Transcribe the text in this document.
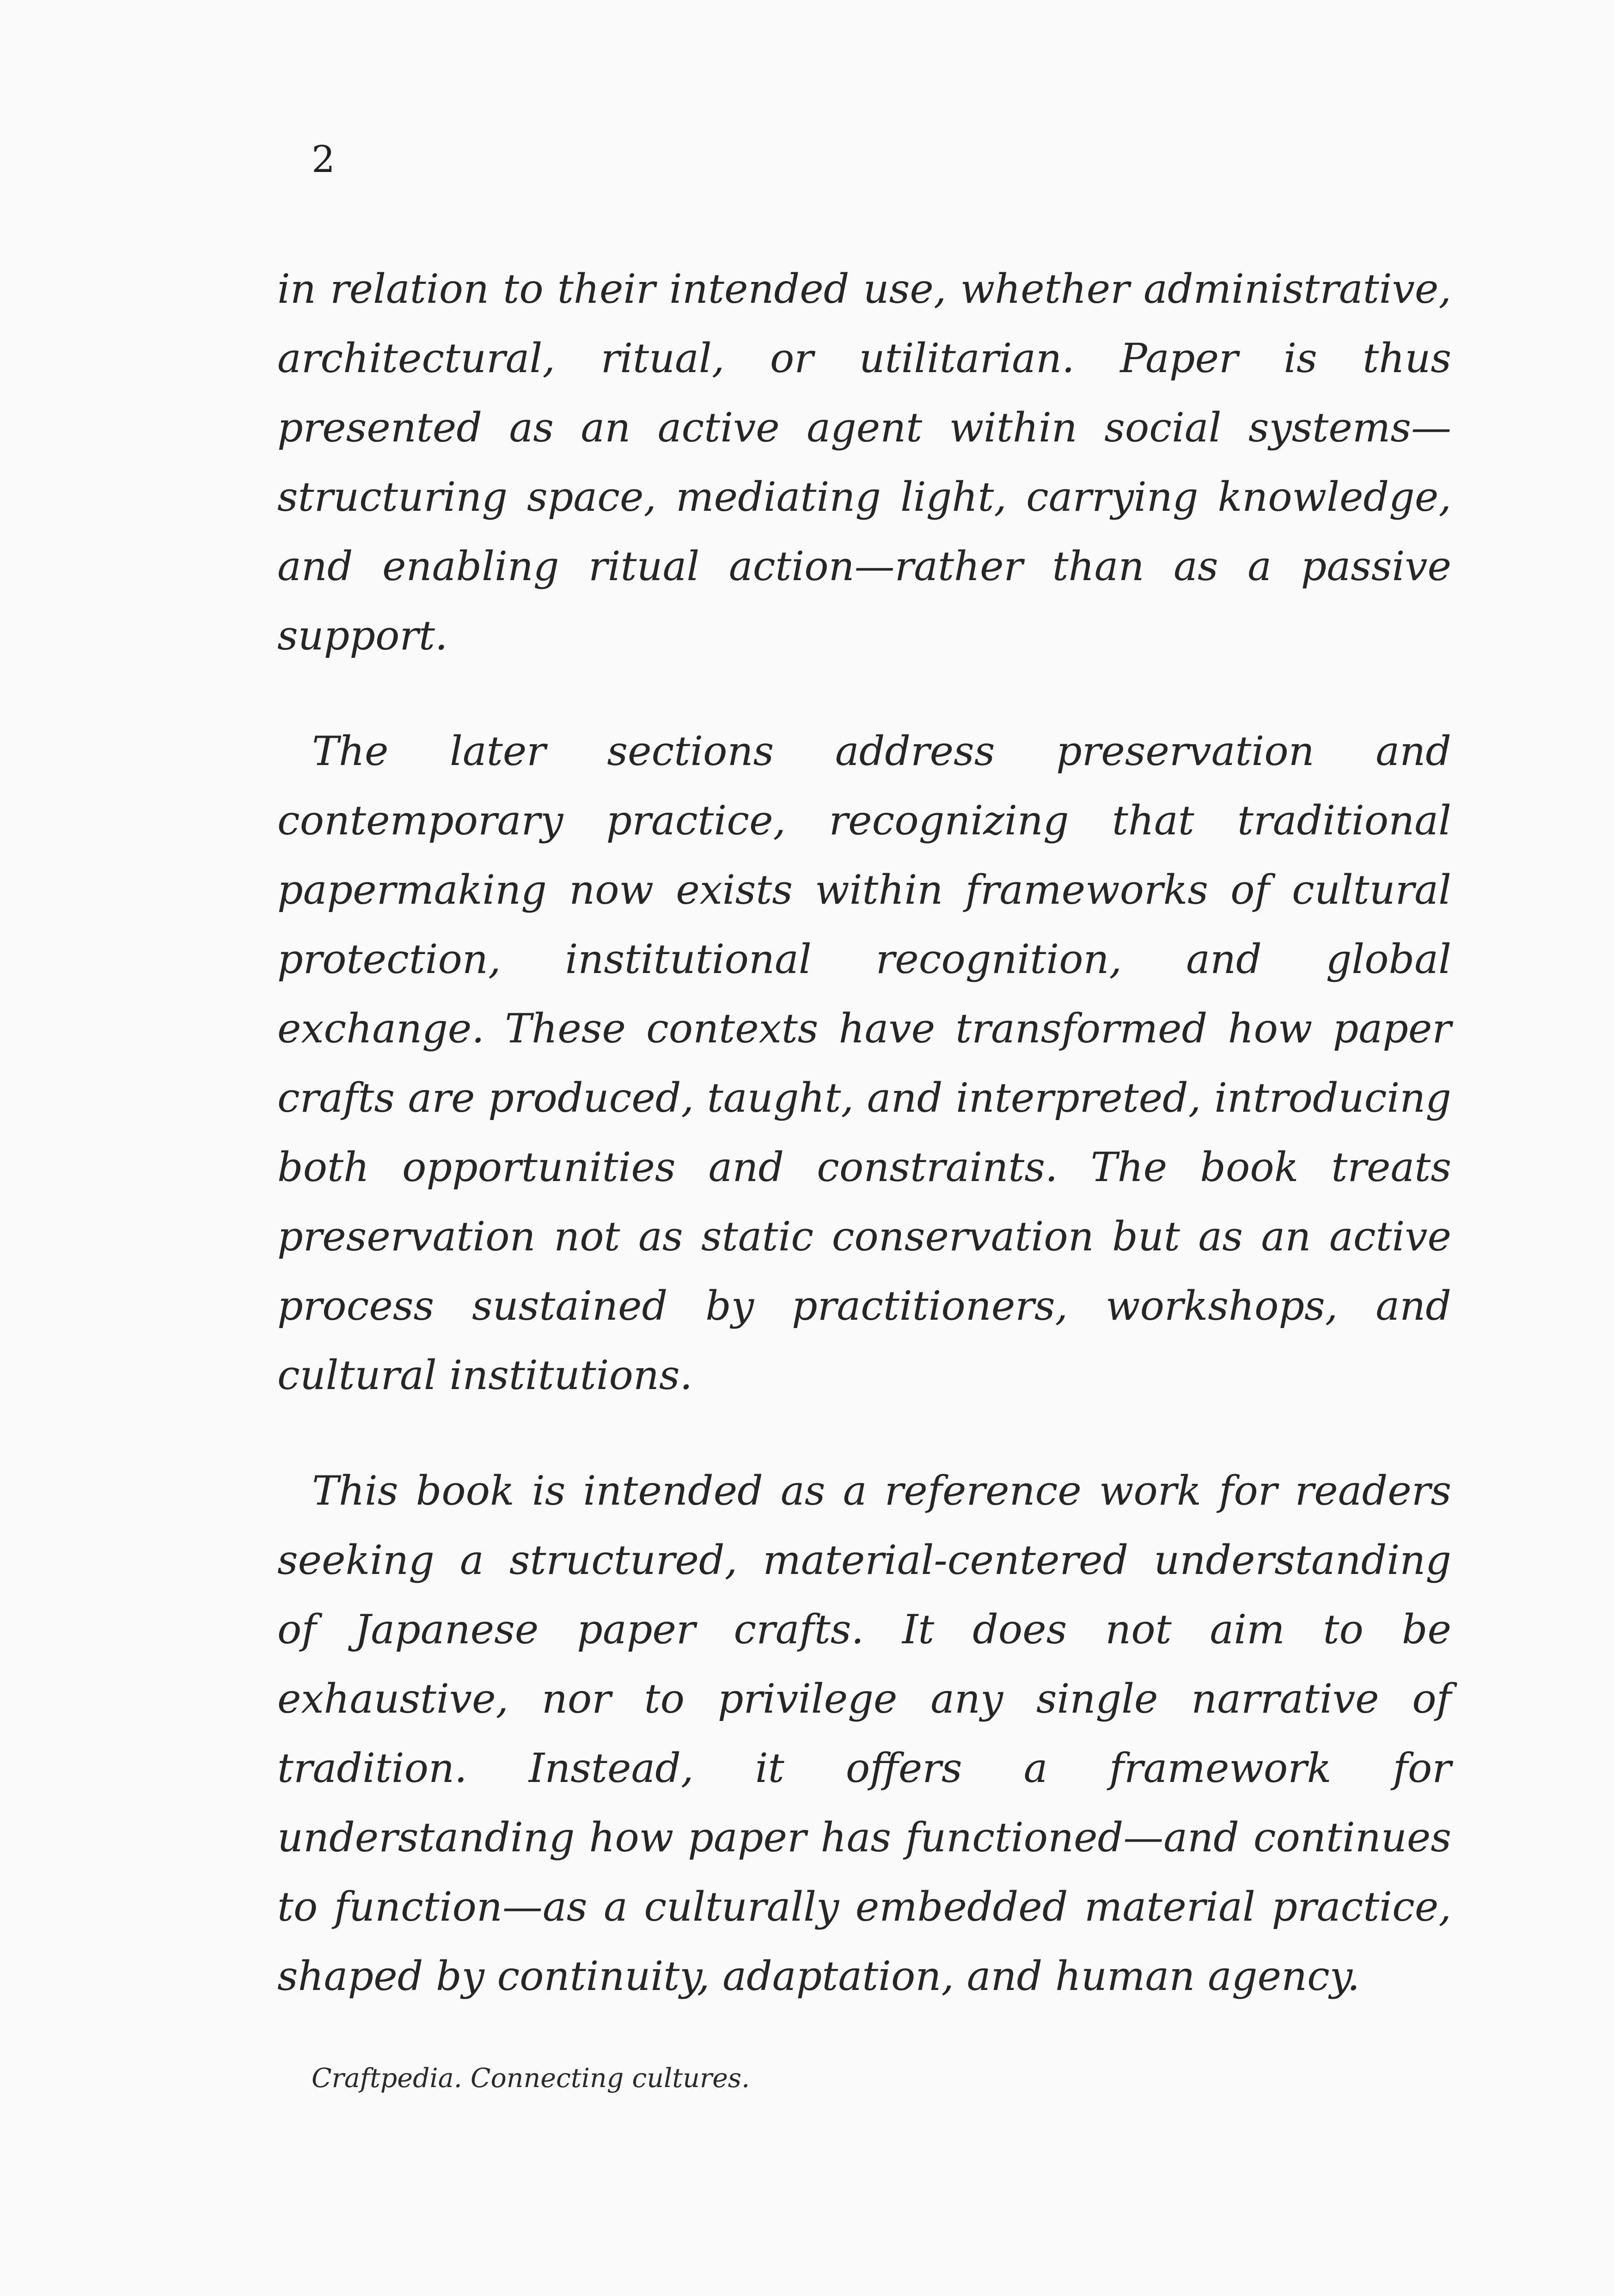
2

in relation to their intended use, whether administrative, architectural, ritual, or utilitarian. Paper is thus presented as an active agent within social systems—structuring space, mediating light, carrying knowledge, and enabling ritual action—rather than as a passive support.

The later sections address preservation and contemporary practice, recognizing that traditional papermaking now exists within frameworks of cultural protection, institutional recognition, and global exchange. These contexts have transformed how paper crafts are produced, taught, and interpreted, introducing both opportunities and constraints. The book treats preservation not as static conservation but as an active process sustained by practitioners, workshops, and cultural institutions.

This book is intended as a reference work for readers seeking a structured, material-centered understanding of Japanese paper crafts. It does not aim to be exhaustive, nor to privilege any single narrative of tradition. Instead, it offers a framework for understanding how paper has functioned—and continues to function—as a culturally embedded material practice, shaped by continuity, adaptation, and human agency.

Craftpedia. Connecting cultures.
